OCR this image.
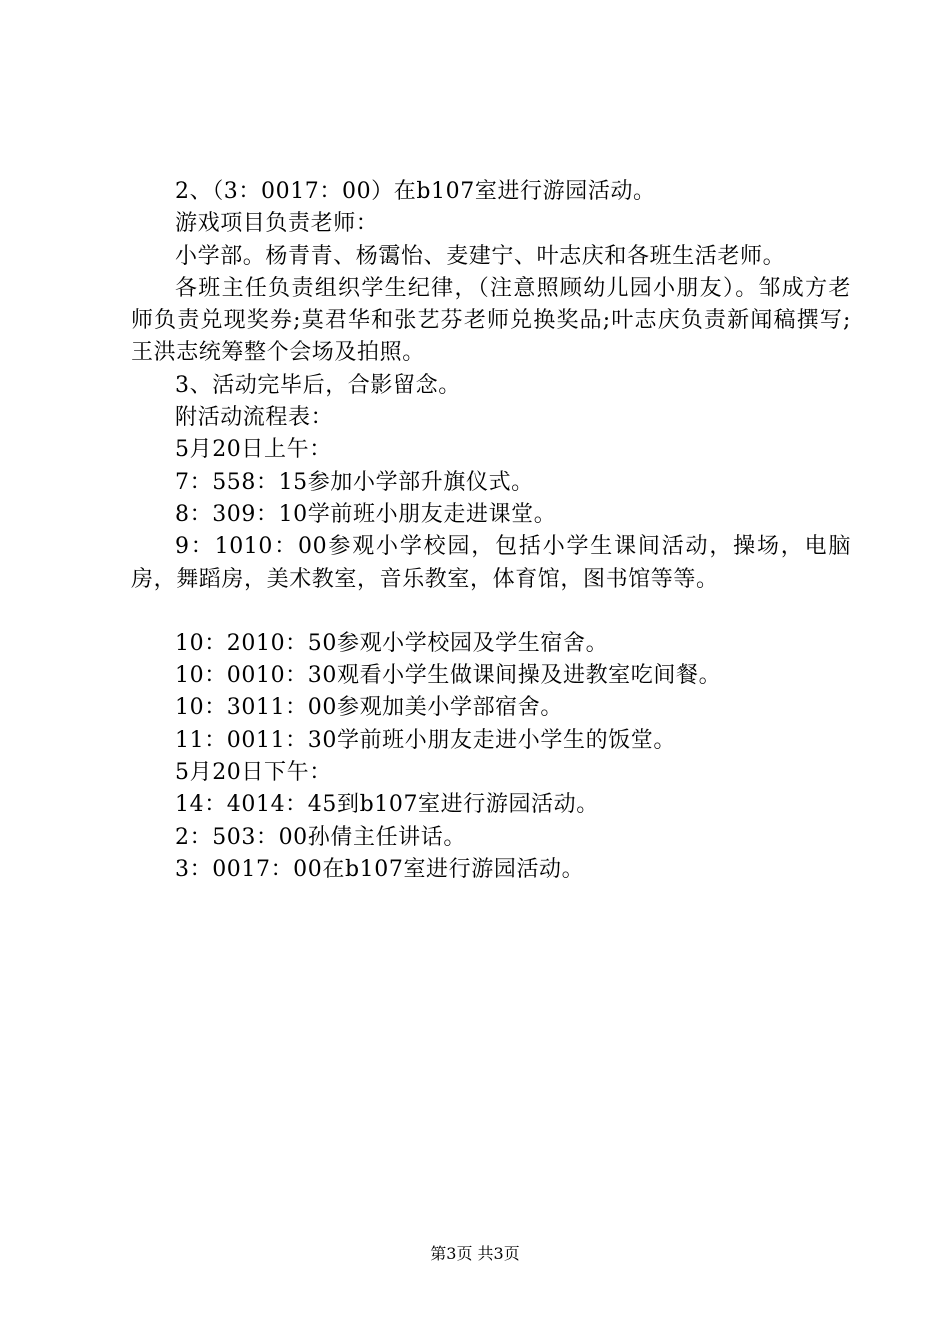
2、（3：0017：00）在b107室进行游园活动。

游戏项目负责老师：

小学部。杨青青、杨霭怡、麦建宁、叶志庆和各班生活老师。

各班主任负责组织学生纪律，（注意照顾幼儿园小朋友）。邹成方老师负责兑现奖券;莫君华和张艺芬老师兑换奖品;叶志庆负责新闻稿撰写;王洪志统筹整个会场及拍照。

3、活动完毕后，合影留念。

附活动流程表：

5月20日上午：

7：558：15参加小学部升旗仪式。

8：309：10学前班小朋友走进课堂。

9：1010：00参观小学校园，包括小学生课间活动，操场，电脑房，舞蹈房，美术教室，音乐教室，体育馆，图书馆等等。

10：2010：50参观小学校园及学生宿舍。

10：0010：30观看小学生做课间操及进教室吃间餐。

10：3011：00参观加美小学部宿舍。

11：0011：30学前班小朋友走进小学生的饭堂。

5月20日下午：

14：4014：45到b107室进行游园活动。

2：503：00孙倩主任讲话。

3：0017：00在b107室进行游园活动。

第3页 共3页
